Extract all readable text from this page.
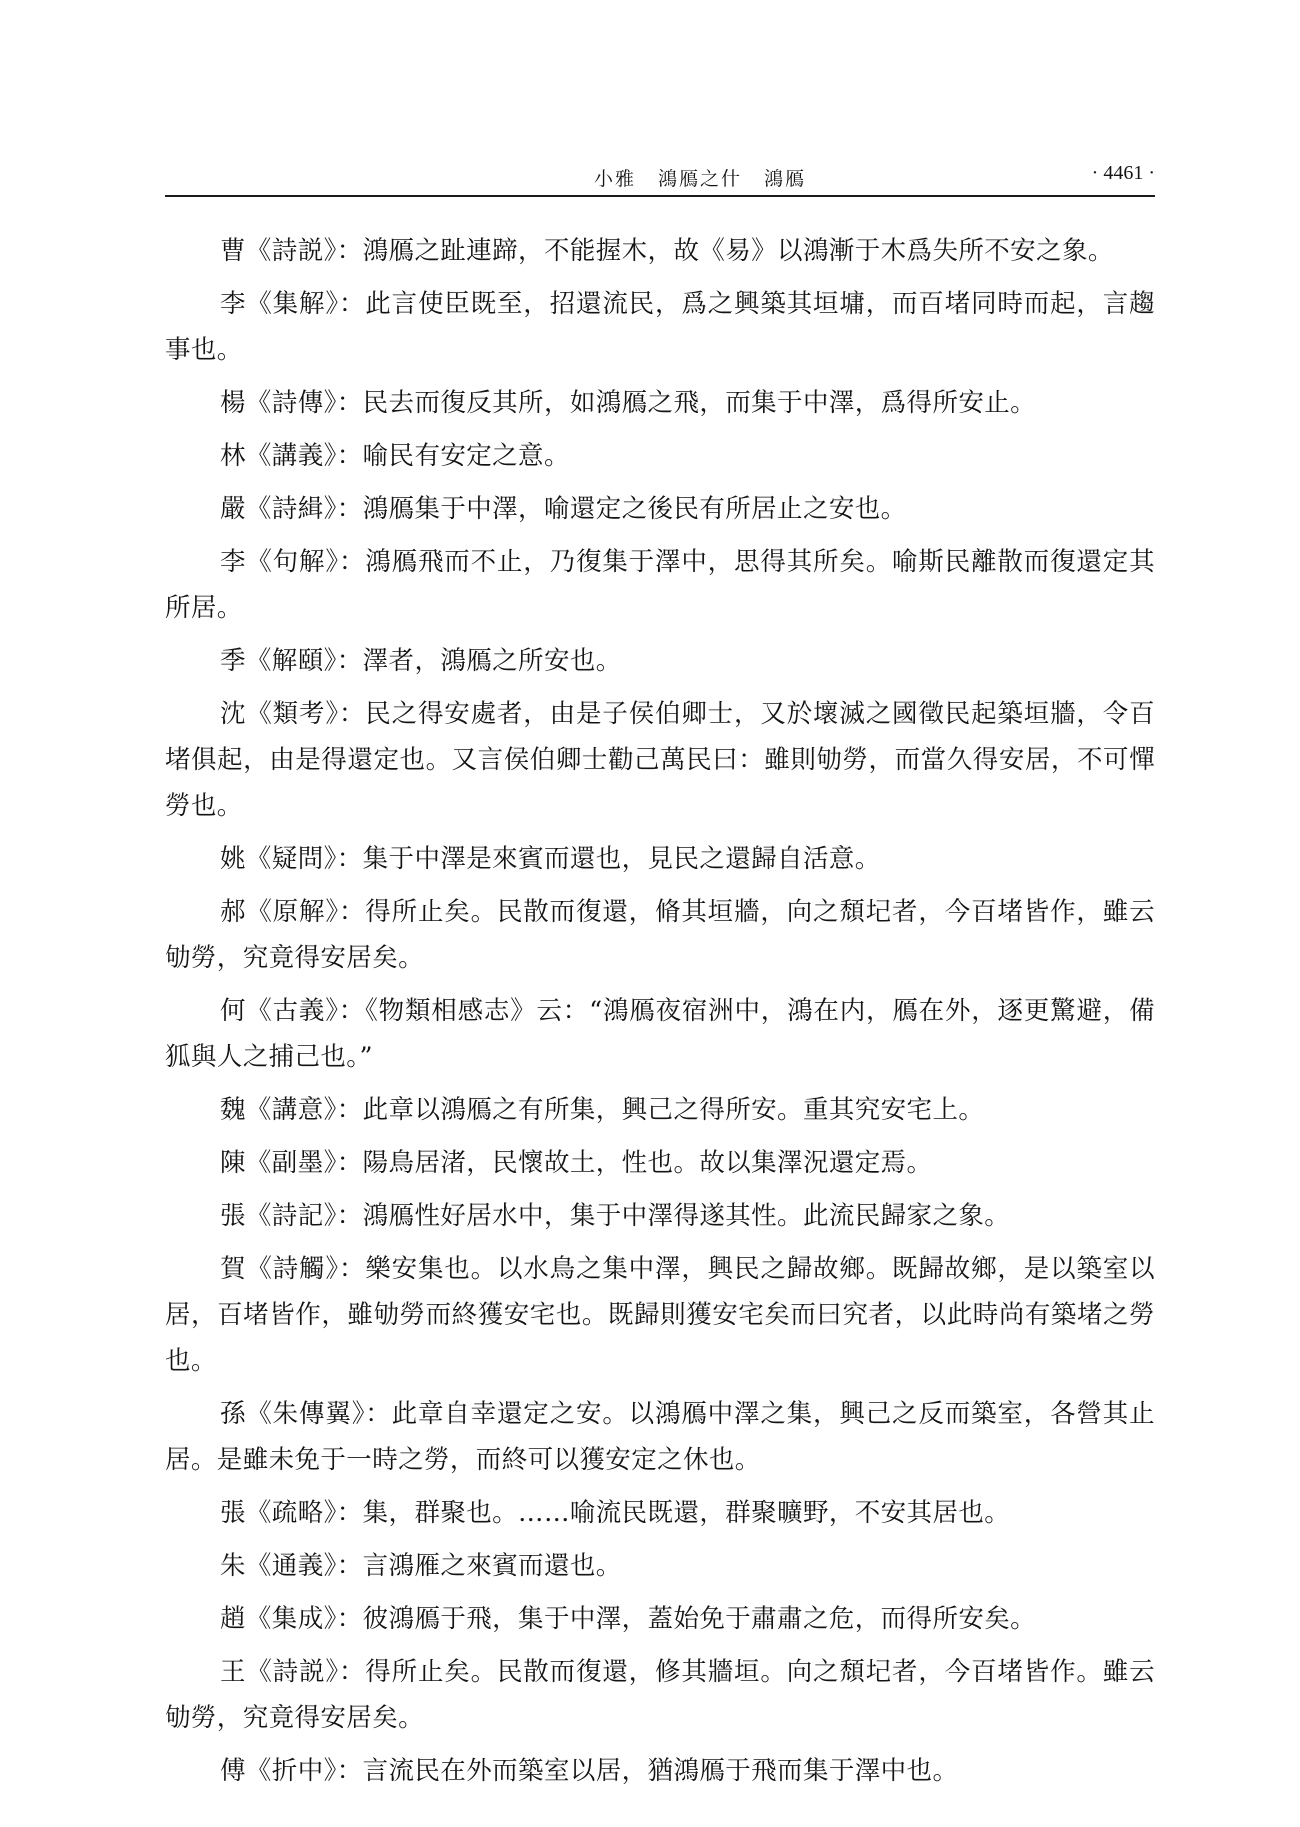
小雅 鴻鴈之什 鴻鴈	· 4461 ·

曹《詩説》：鴻鴈之趾連蹄，不能握木，故《易》以鴻漸于木爲失所不安之象。

李《集解》：此言使臣既至，招還流民，爲之興築其垣墉，而百堵同時而起，言趨事也。

楊《詩傳》：民去而復反其所，如鴻鴈之飛，而集于中澤，爲得所安止。

林《講義》：喻民有安定之意。

嚴《詩緝》：鴻鴈集于中澤，喻還定之後民有所居止之安也。

李《句解》：鴻鴈飛而不止，乃復集于澤中，思得其所矣。喻斯民離散而復還定其所居。

季《解頤》：澤者，鴻鴈之所安也。

沈《類考》：民之得安處者，由是子侯伯卿士，又於壞滅之國徵民起築垣牆，令百堵俱起，由是得還定也。又言侯伯卿士勸己萬民曰：雖則劬勞，而當久得安居，不可憚勞也。

姚《疑問》：集于中澤是來賓而還也，見民之還歸自活意。

郝《原解》：得所止矣。民散而復還，脩其垣牆，向之頹圮者，今百堵皆作，雖云劬勞，究竟得安居矣。

何《古義》：《物類相感志》云：“鴻鴈夜宿洲中，鴻在内，鴈在外，逐更驚避，備狐與人之捕己也。”

魏《講意》：此章以鴻鴈之有所集，興己之得所安。重其究安宅上。

陳《副墨》：陽鳥居渚，民懷故土，性也。故以集澤況還定焉。

張《詩記》：鴻鴈性好居水中，集于中澤得遂其性。此流民歸家之象。

賀《詩觸》：樂安集也。以水鳥之集中澤，興民之歸故鄉。既歸故鄉，是以築室以居，百堵皆作，雖劬勞而終獲安宅也。既歸則獲安宅矣而曰究者，以此時尚有築堵之勞也。

孫《朱傳翼》：此章自幸還定之安。以鴻鴈中澤之集，興己之反而築室，各營其止居。是雖未免于一時之勞，而終可以獲安定之休也。

張《疏略》：集，群聚也。……喻流民既還，群聚曠野，不安其居也。

朱《通義》：言鴻雁之來賓而還也。

趙《集成》：彼鴻鴈于飛，集于中澤，蓋始免于肅肅之危，而得所安矣。

王《詩説》：得所止矣。民散而復還，修其牆垣。向之頹圮者，今百堵皆作。雖云劬勞，究竟得安居矣。

傅《折中》：言流民在外而築室以居，猶鴻鴈于飛而集于澤中也。
